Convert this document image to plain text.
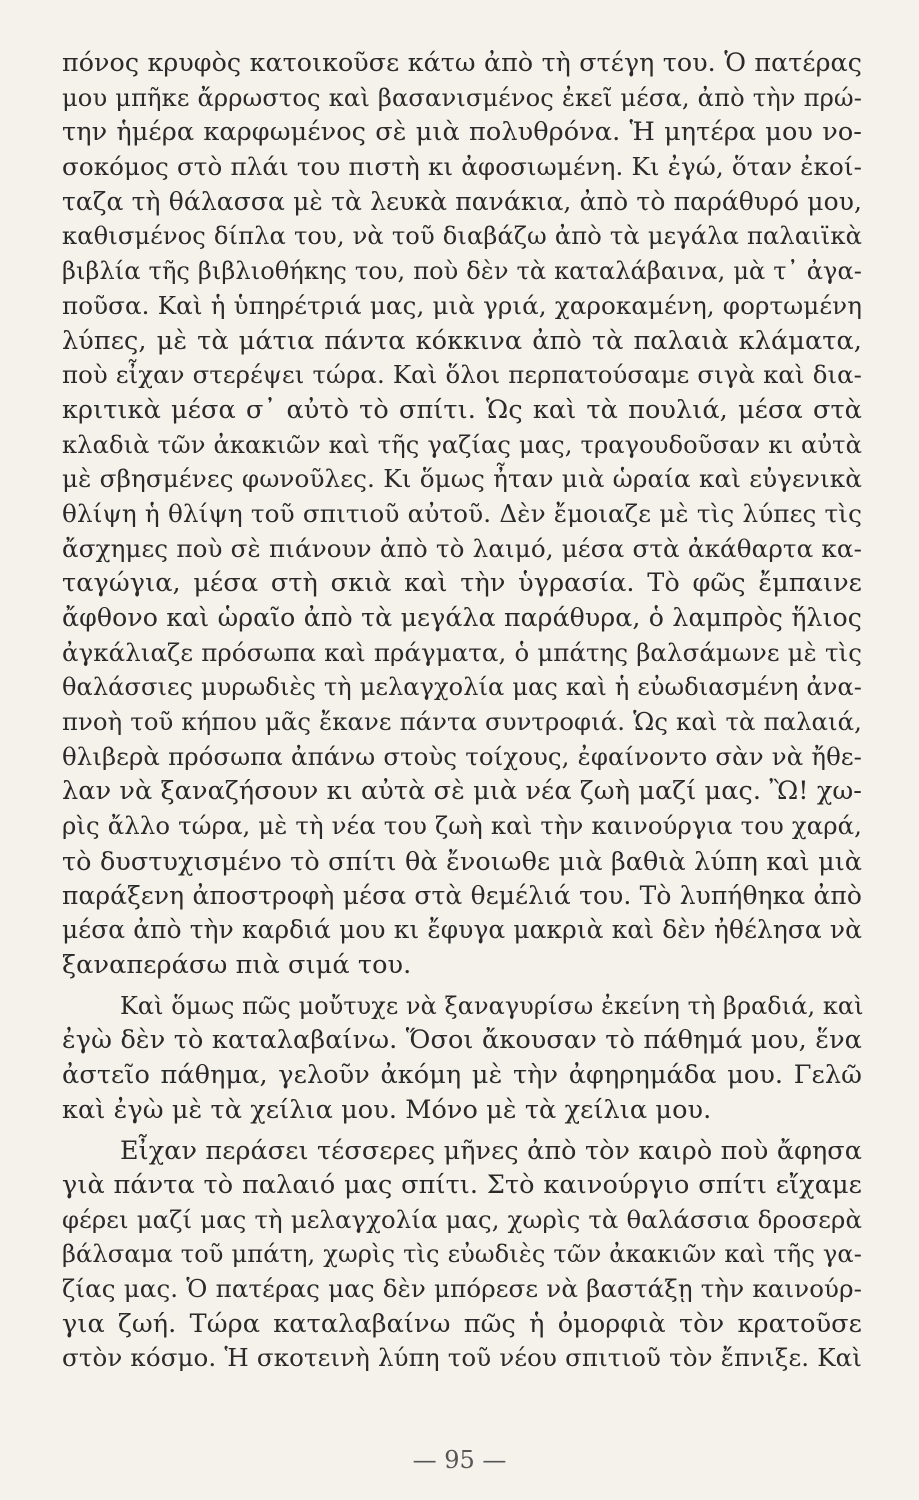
πόνος κρυφὸς κατοικοῦσε κάτω ἀπὸ τὴ στέγη του. Ὁ πατέρας
μου μπῆκε ἄρρωστος καὶ βασανισμένος ἐκεῖ μέσα, ἀπὸ τὴν πρώ-
την ἡμέρα καρφωμένος σὲ μιὰ πολυθρόνα. Ἡ μητέρα μου νο-
σοκόμος στὸ πλάι του πιστὴ κι ἀφοσιωμένη. Κι ἐγώ, ὅταν ἐκοί-
ταζα τὴ θάλασσα μὲ τὰ λευκὰ πανάκια, ἀπὸ τὸ παράθυρό μου,
καθισμένος δίπλα του, νὰ τοῦ διαβάζω ἀπὸ τὰ μεγάλα παλαιϊκὰ
βιβλία τῆς βιβλιοθήκης του, ποὺ δὲν τὰ καταλάβαινα, μὰ τ᾿ ἀγα-
ποῦσα. Καὶ ἡ ὑπηρέτριά μας, μιὰ γριά, χαροκαμένη, φορτωμένη
λύπες, μὲ τὰ μάτια πάντα κόκκινα ἀπὸ τὰ παλαιὰ κλάματα,
ποὺ εἶχαν στερέψει τώρα. Καὶ ὅλοι περπατούσαμε σιγὰ καὶ δια-
κριτικὰ μέσα σ᾿ αὐτὸ τὸ σπίτι. Ὡς καὶ τὰ πουλιά, μέσα στὰ
κλαδιὰ τῶν ἀκακιῶν καὶ τῆς γαζίας μας, τραγουδοῦσαν κι αὐτὰ
μὲ σβησμένες φωνοῦλες. Κι ὅμως ἦταν μιὰ ὡραία καὶ εὐγενικὰ
θλίψη ἡ θλίψη τοῦ σπιτιοῦ αὐτοῦ. Δὲν ἔμοιαζε μὲ τὶς λύπες τὶς
ἄσχημες ποὺ σὲ πιάνουν ἀπὸ τὸ λαιμό, μέσα στὰ ἀκάθαρτα κα-
ταγώγια, μέσα στὴ σκιὰ καὶ τὴν ὑγρασία. Τὸ φῶς ἔμπαινε
ἄφθονο καὶ ὡραῖο ἀπὸ τὰ μεγάλα παράθυρα, ὁ λαμπρὸς ἥλιος
ἀγκάλιαζε πρόσωπα καὶ πράγματα, ὁ μπάτης βαλσάμωνε μὲ τὶς
θαλάσσιες μυρωδιὲς τὴ μελαγχολία μας καὶ ἡ εὐωδιασμένη ἀνα-
πνοὴ τοῦ κήπου μᾶς ἔκανε πάντα συντροφιά. Ὡς καὶ τὰ παλαιά,
θλιβερὰ πρόσωπα ἀπάνω στοὺς τοίχους, ἐφαίνοντο σὰν νὰ ἤθε-
λαν νὰ ξαναζήσουν κι αὐτὰ σὲ μιὰ νέα ζωὴ μαζί μας. Ὢ! χω-
ρὶς ἄλλο τώρα, μὲ τὴ νέα του ζωὴ καὶ τὴν καινούργια του χαρά,
τὸ δυστυχισμένο τὸ σπίτι θὰ ἔνοιωθε μιὰ βαθιὰ λύπη καὶ μιὰ
παράξενη ἀποστροφὴ μέσα στὰ θεμέλιά του. Τὸ λυπήθηκα ἀπὸ
μέσα ἀπὸ τὴν καρδιά μου κι ἔφυγα μακριὰ καὶ δὲν ἠθέλησα νὰ
ξαναπεράσω πιὰ σιμά του.
Καὶ ὅμως πῶς μοὔτυχε νὰ ξαναγυρίσω ἐκείνη τὴ βραδιά, καὶ
ἐγὼ δὲν τὸ καταλαβαίνω. Ὅσοι ἄκουσαν τὸ πάθημά μου, ἕνα
ἀστεῖο πάθημα, γελοῦν ἀκόμη μὲ τὴν ἀφηρημάδα μου. Γελῶ
καὶ ἐγὼ μὲ τὰ χείλια μου. Μόνο μὲ τὰ χείλια μου.
Εἶχαν περάσει τέσσερες μῆνες ἀπὸ τὸν καιρὸ ποὺ ἄφησα
γιὰ πάντα τὸ παλαιό μας σπίτι. Στὸ καινούργιο σπίτι εἴχαμε
φέρει μαζί μας τὴ μελαγχολία μας, χωρὶς τὰ θαλάσσια δροσερὰ
βάλσαμα τοῦ μπάτη, χωρὶς τὶς εὐωδιὲς τῶν ἀκακιῶν καὶ τῆς γα-
ζίας μας. Ὁ πατέρας μας δὲν μπόρεσε νὰ βαστάξῃ τὴν καινούρ-
για ζωή. Τώρα καταλαβαίνω πῶς ἡ ὀμορφιὰ τὸν κρατοῦσε
στὸν κόσμο. Ἡ σκοτεινὴ λύπη τοῦ νέου σπιτιοῦ τὸν ἔπνιξε. Καὶ
— 95 —
